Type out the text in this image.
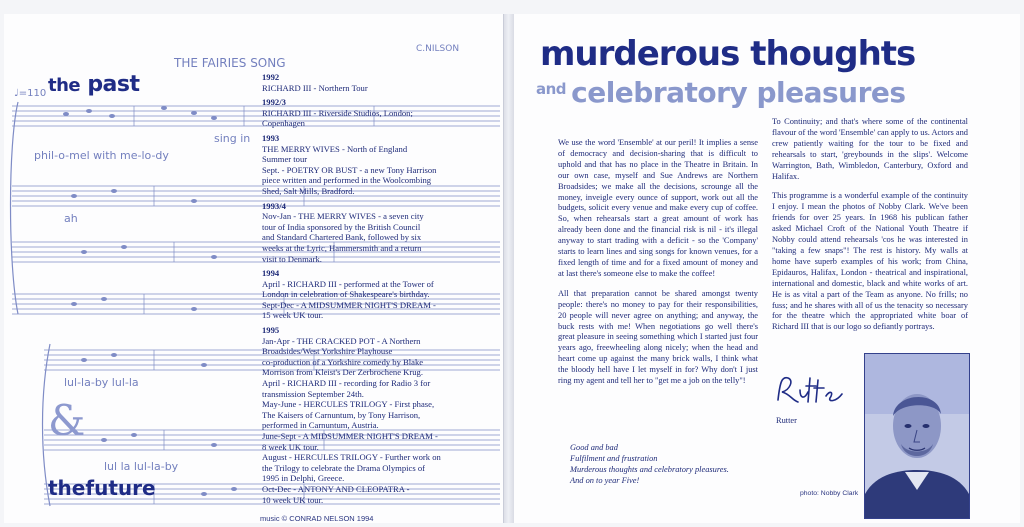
THE FAIRIES SONG
C.NILSON
♩=110
phil-o-mel with me-lo-dy
sing in
ah
lul-la-by lul-la
lul la lul-la-by
the past
&
thefuture
1992
RICHARD III - Northern Tour
1992/3
RICHARD III - Riverside Studios, London;
Copenhagen
1993
THE MERRY WIVES - North of England
Summer tour
Sept. - POETRY OR BUST - a new Tony Harrison
piece written and performed in the Woolcombing
Shed, Salt Mills, Bradford.
1993/4
Nov-Jan - THE MERRY WIVES - a seven city
tour of India sponsored by the British Council
and Standard Chartered Bank, followed by six
weeks at the Lyric, Hammersmith and a return
visit to Denmark.
1994
April - RICHARD III - performed at the Tower of
London in celebration of Shakespeare's birthday.
Sept-Dec - A MIDSUMMER NIGHT'S DREAM -
15 week UK tour.
1995
Jan-Apr - THE CRACKED POT - A Northern
Broadsides/West Yorkshire Playhouse
co-production of a Yorkshire comedy by Blake
Morrison from Kleist's Der Zerbrochene Krug.
April - RICHARD III - recording for Radio 3 for
transmission September 24th.
May-June - HERCULES TRILOGY - First phase,
The Kaisers of Carnuntum, by Tony Harrison,
performed in Carnuntum, Austria.
June-Sept - A MIDSUMMER NIGHT'S DREAM -
8 week UK tour.
August - HERCULES TRILOGY - Further work on
the Trilogy to celebrate the Drama Olympics of
1995 in Delphi, Greece.
Oct-Dec - ANTONY AND CLEOPATRA -
10 week UK tour.
music © CONRAD NELSON 1994
murderous thoughts
and celebratory pleasures

We use the word 'Ensemble' at our peril! It implies a sense of democracy and decision-sharing that is difficult to uphold and that has no place in the Theatre in Britain. In our own case, myself and Sue Andrews are Northern Broadsides; we make all the decisions, scrounge all the money, inveigle every ounce of support, work out all the budgets, solicit every venue and make every cup of coffee. So, when rehearsals start a great amount of work has already been done and the financial risk is nil - it's illegal anyway to start trading with a deficit - so the 'Company' starts to learn lines and sing songs for known venues, for a fixed length of time and for a fixed amount of money and at last there's someone else to make the coffee!

All that preparation cannot be shared amongst twenty people: there's no money to pay for their responsibilities, 20 people will never agree on anything; and anyway, the buck rests with me! When negotiations go well there's great pleasure in seeing something which I started just four years ago, freewheeling along nicely; when the head and heart come up against the many brick walls, I think what the bloody hell have I let myself in for? Why don't I just ring my agent and tell her to "get me a job on the telly"!

Good and bad
Fulfilment and frustration
Murderous thoughts and celebratory pleasures.
And on to year Five!

To Continuity; and that's where some of the continental flavour of the word 'Ensemble' can apply to us. Actors and crew patiently waiting for the tour to be fixed and rehearsals to start, 'greybounds in the slips'. Welcome Warrington, Bath, Wimbledon, Canterbury, Oxford and Halifax.

This programme is a wonderful example of the continuity I enjoy. I mean the photos of Nobby Clark. We've been friends for over 25 years. In 1968 his publican father asked Michael Croft of the National Youth Theatre if Nobby could attend rehearsals 'cos he was interested in "taking a few snaps"! The rest is history. My walls at home have superb examples of his work; from China, Epidauros, Halifax, London - theatrical and inspirational, international and domestic, black and white works of art. He is as vital a part of the Team as anyone. No frills; no fuss; and he shares with all of us the tenacity so necessary for the theatre which the appropriated white boar of Richard III that is our logo so defiantly portrays.

Rutter
photo: Nobby Clark
